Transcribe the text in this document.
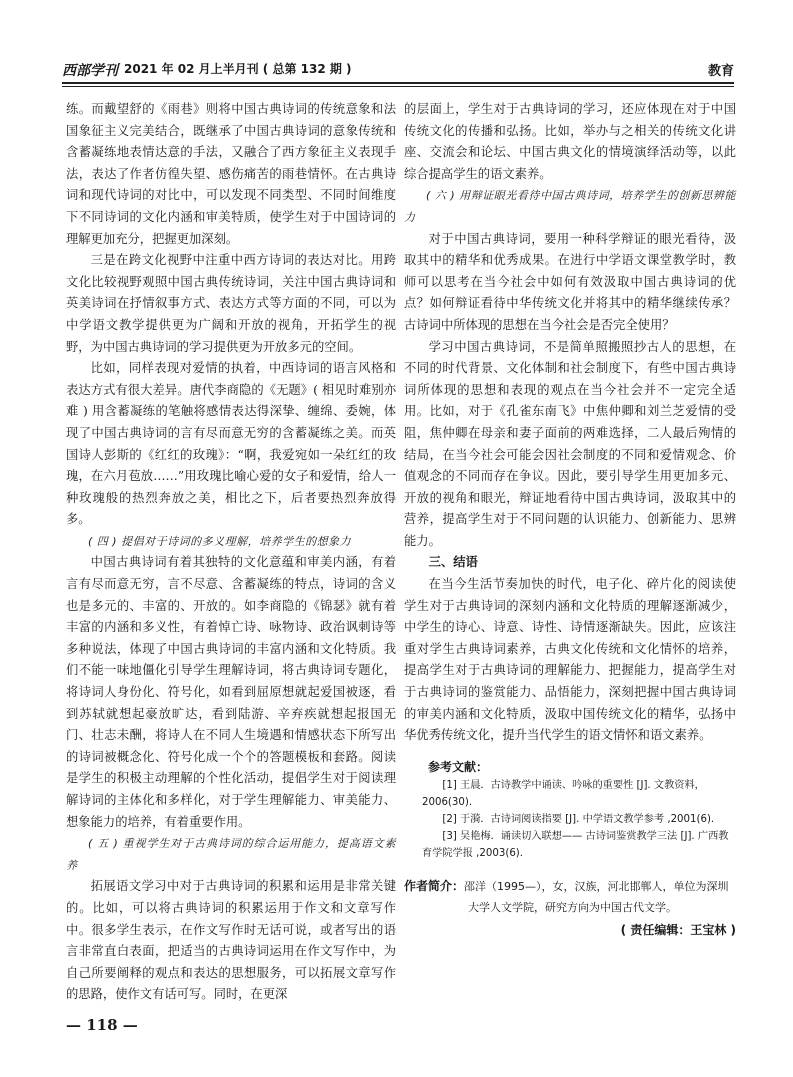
西部学刊 2021 年 02 月上半月刊 ( 总第 132 期 )	教育

练。而戴望舒的《雨巷》则将中国古典诗词的传统意象和法国象征主义完美结合，既继承了中国古典诗词的意象传统和含蓄凝练地表情达意的手法，又融合了西方象征主义表现手法，表达了作者仿徨失望、感伤痛苦的雨巷情怀。在古典诗词和现代诗词的对比中，可以发现不同类型、不同时间维度下不同诗词的文化内涵和审美特质，使学生对于中国诗词的理解更加充分，把握更加深刻。

三是在跨文化视野中注重中西方诗词的表达对比。用跨文化比较视野观照中国古典传统诗词，关注中国古典诗词和英美诗词在抒情叙事方式、表达方式等方面的不同，可以为中学语文教学提供更为广阔和开放的视角，开拓学生的视野，为中国古典诗词的学习提供更为开放多元的空间。

比如，同样表现对爱情的执着，中西诗词的语言风格和表达方式有很大差异。唐代李商隐的《无题》( 相见时难别亦难 ) 用含蓄凝练的笔触将感情表达得深挚、缠绵、委婉，体现了中国古典诗词的言有尽而意无穷的含蓄凝练之美。而英国诗人彭斯的《红红的玫瑰》：“啊，我爱宛如一朵红红的玫瑰，在六月苞放……”用玫瑰比喻心爱的女子和爱情，给人一种玫瑰般的热烈奔放之美，相比之下，后者要热烈奔放得多。

( 四 ) 提倡对于诗词的多义理解，培养学生的想象力

中国古典诗词有着其独特的文化意蕴和审美内涵，有着言有尽而意无穷，言不尽意、含蓄凝练的特点，诗词的含义也是多元的、丰富的、开放的。如李商隐的《锦瑟》就有着丰富的内涵和多义性，有着悼亡诗、咏物诗、政治讽刺诗等多种说法，体现了中国古典诗词的丰富内涵和文化特质。我们不能一味地僵化引导学生理解诗词，将古典诗词专题化，将诗词人身份化、符号化，如看到屈原想就起爱国被逐，看到苏轼就想起豪放旷达，看到陆游、辛弃疾就想起报国无门、壮志未酬，将诗人在不同人生境遇和情感状态下所写出的诗词被概念化、符号化成一个个的答题模板和套路。阅读是学生的积极主动理解的个性化活动，提倡学生对于阅读理解诗词的主体化和多样化，对于学生理解能力、审美能力、想象能力的培养，有着重要作用。

( 五 ) 重视学生对于古典诗词的综合运用能力，提高语文素养

拓展语文学习中对于古典诗词的积累和运用是非常关键的。比如，可以将古典诗词的积累运用于作文和文章写作中。很多学生表示，在作文写作时无话可说，或者写出的语言非常直白表面，把适当的古典诗词运用在作文写作中，为自己所要阐释的观点和表达的思想服务，可以拓展文章写作的思路，使作文有话可写。同时，在更深

的层面上，学生对于古典诗词的学习，还应体现在对于中国传统文化的传播和弘扬。比如，举办与之相关的传统文化讲座、交流会和论坛、中国古典文化的情境演绎活动等，以此综合提高学生的语文素养。

( 六 ) 用辩证眼光看待中国古典诗词，培养学生的创新思辨能力

对于中国古典诗词，要用一种科学辩证的眼光看待，汲取其中的精华和优秀成果。在进行中学语文课堂教学时，教师可以思考在当今社会中如何有效汲取中国古典诗词的优点？如何辩证看待中华传统文化并将其中的精华继续传承？古诗词中所体现的思想在当今社会是否完全使用？

学习中国古典诗词，不是简单照搬照抄古人的思想，在不同的时代背景、文化体制和社会制度下，有些中国古典诗词所体现的思想和表现的观点在当今社会并不一定完全适用。比如，对于《孔雀东南飞》中焦仲卿和刘兰芝爱情的受阻，焦仲卿在母亲和妻子面前的两难选择，二人最后殉情的结局，在当今社会可能会因社会制度的不同和爱情观念、价值观念的不同而存在争议。因此，要引导学生用更加多元、开放的视角和眼光，辩证地看待中国古典诗词，汲取其中的营养，提高学生对于不同问题的认识能力、创新能力、思辨能力。

三、结语

在当今生活节奏加快的时代，电子化、碎片化的阅读使学生对于古典诗词的深刻内涵和文化特质的理解逐渐减少，中学生的诗心、诗意、诗性、诗情逐渐缺失。因此，应该注重对学生古典诗词素养，古典文化传统和文化情怀的培养，提高学生对于古典诗词的理解能力、把握能力，提高学生对于古典诗词的鉴赏能力、品悟能力，深刻把握中国古典诗词的审美内涵和文化特质，汲取中国传统文化的精华，弘扬中华优秀传统文化，提升当代学生的语文情怀和语文素养。

参考文献：

[1] 王晨．古诗教学中诵读、吟咏的重要性 [J]. 文教资料，2006(30).

[2] 于漪．古诗词阅读指要 [J]. 中学语文教学参考 ,2001(6).

[3] 吴艳梅．诵读切入联想—— 古诗词鉴赏教学三法 [J]. 广西教育学院学报 ,2003(6).

作者简介：邵洋（1995—），女，汉族，河北邯郸人，单位为深圳大学人文学院，研究方向为中国古代文学。
( 责任编辑：王宝林 )
— 118 —
